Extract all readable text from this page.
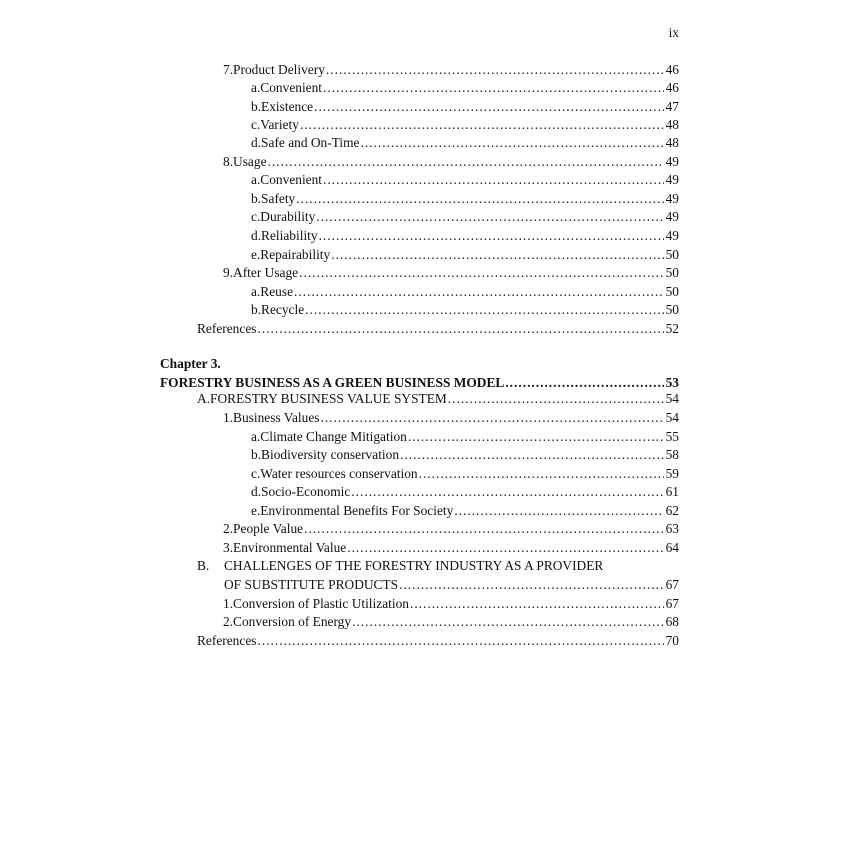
ix
7. Product Delivery .....	46
a. Convenient .....	46
b. Existence .....	47
c. Variety .....	48
d. Safe and On-Time .....	48
8. Usage .....	49
a. Convenient .....	49
b. Safety .....	49
c. Durability .....	49
d. Reliability .....	49
e. Repairability .....	50
9. After Usage .....	50
a. Reuse .....	50
b. Recycle .....	50
References .....	52
Chapter 3.
FORESTRY BUSINESS AS A GREEN BUSINESS MODEL .....	53
A. FORESTRY BUSINESS VALUE SYSTEM .....	54
1. Business Values .....	54
a. Climate Change Mitigation .....	55
b. Biodiversity conservation .....	58
c. Water resources conservation .....	59
d. Socio-Economic .....	61
e. Environmental Benefits For Society .....	62
2. People Value .....	63
3. Environmental Value .....	64
B. CHALLENGES OF THE FORESTRY INDUSTRY AS A PROVIDER
OF SUBSTITUTE PRODUCTS .....	67
1. Conversion of Plastic Utilization .....	67
2. Conversion of Energy .....	68
References .....	70
